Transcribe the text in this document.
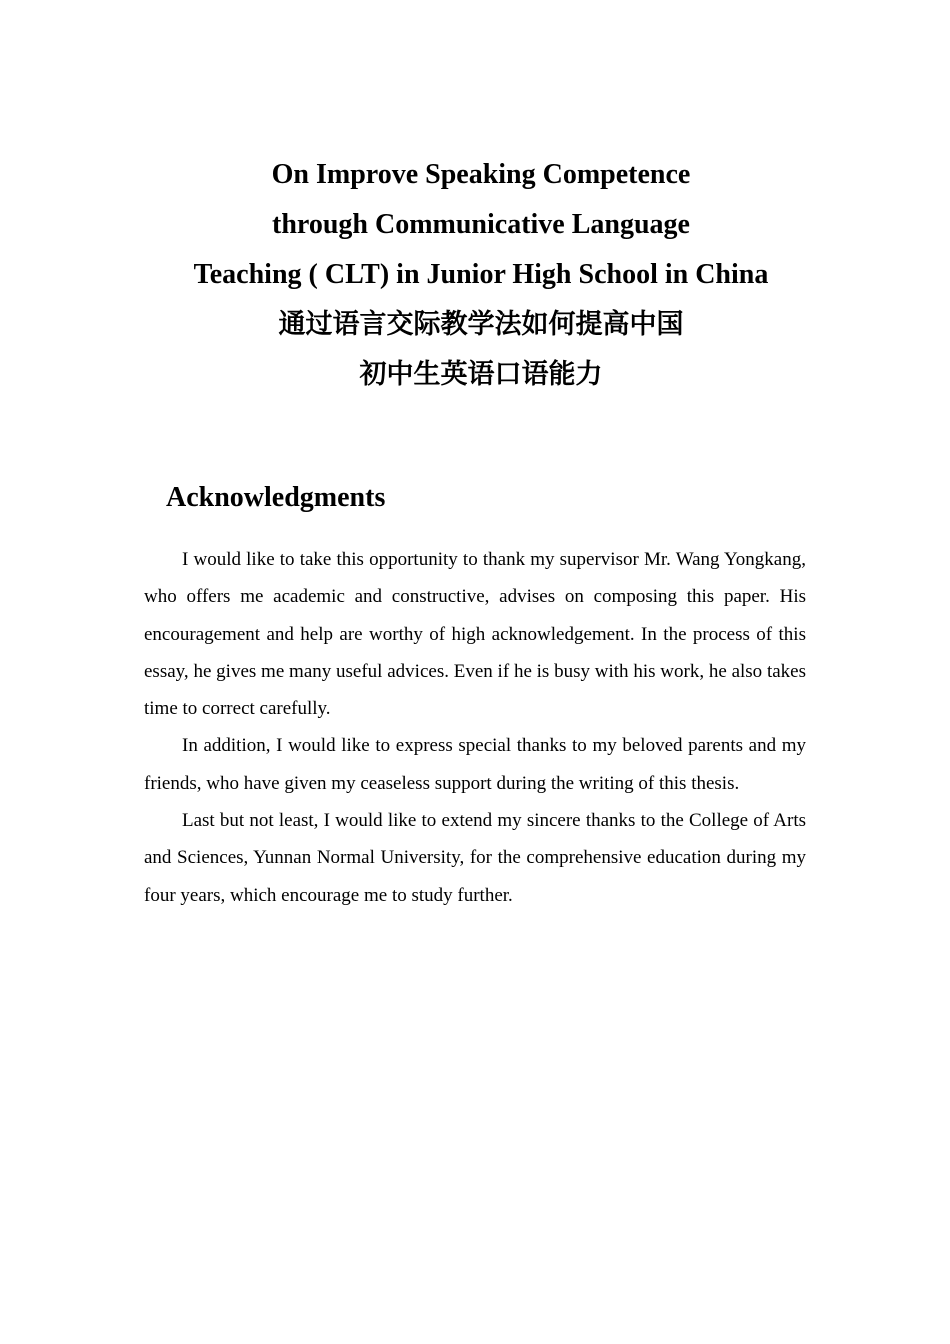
On Improve Speaking Competence
through Communicative Language
Teaching ( CLT) in Junior High School in China
通过语言交际教学法如何提高中国
初中生英语口语能力
Acknowledgments

I would like to take this opportunity to thank my supervisor Mr. Wang Yongkang, who offers me academic and constructive, advises on composing this paper. His encouragement and help are worthy of high acknowledgement. In the process of this essay, he gives me many useful advices. Even if he is busy with his work, he also takes time to correct carefully.

In addition, I would like to express special thanks to my beloved parents and my friends, who have given my ceaseless support during the writing of this thesis.

Last but not least, I would like to extend my sincere thanks to the College of Arts and Sciences, Yunnan Normal University, for the comprehensive education during my four years, which encourage me to study further.
